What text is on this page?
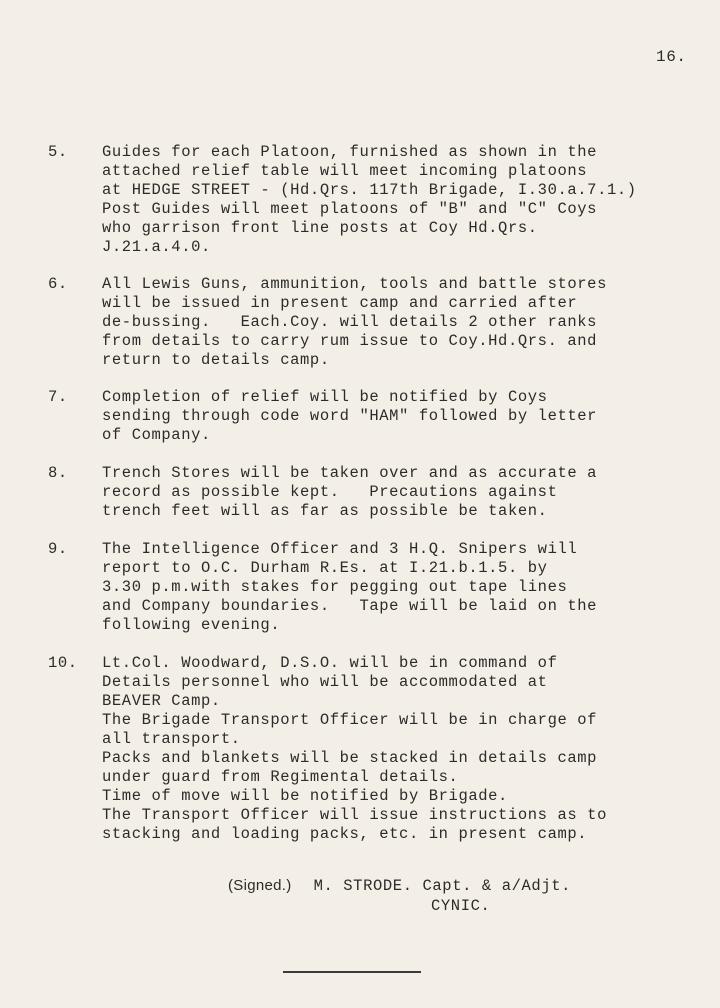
16.
5.	Guides for each Platoon, furnished as shown in the
attached relief table will meet incoming platoons
at HEDGE STREET - (Hd.Qrs. 117th Brigade, I.30.a.7.1.)
Post Guides will meet platoons of "B" and "C" Coys
who garrison front line posts at Coy Hd.Qrs.
J.21.a.4.0.
6.	All Lewis Guns, ammunition, tools and battle stores
will be issued in present camp and carried after
de-bussing.   Each.Coy. will details 2 other ranks
from details to carry rum issue to Coy.Hd.Qrs. and
return to details camp.
7.	Completion of relief will be notified by Coys
sending through code word "HAM" followed by letter
of Company.
8.	Trench Stores will be taken over and as accurate a
record as possible kept.   Precautions against
trench feet will as far as possible be taken.
9.	The Intelligence Officer and 3 H.Q. Snipers will
report to O.C. Durham R.Es. at I.21.b.1.5. by
3.30 p.m.with stakes for pegging out tape lines
and Company boundaries.   Tape will be laid on the
following evening.
10.	Lt.Col. Woodward, D.S.O. will be in command of
Details personnel who will be accommodated at
BEAVER Camp.
The Brigade Transport Officer will be in charge of
all transport.
Packs and blankets will be stacked in details camp
under guard from Regimental details.
Time of move will be notified by Brigade.
The Transport Officer will issue instructions as to
stacking and loading packs, etc. in present camp.
(Signed.) M. STRODE. Capt. & a/Adjt.
CYNIC.
